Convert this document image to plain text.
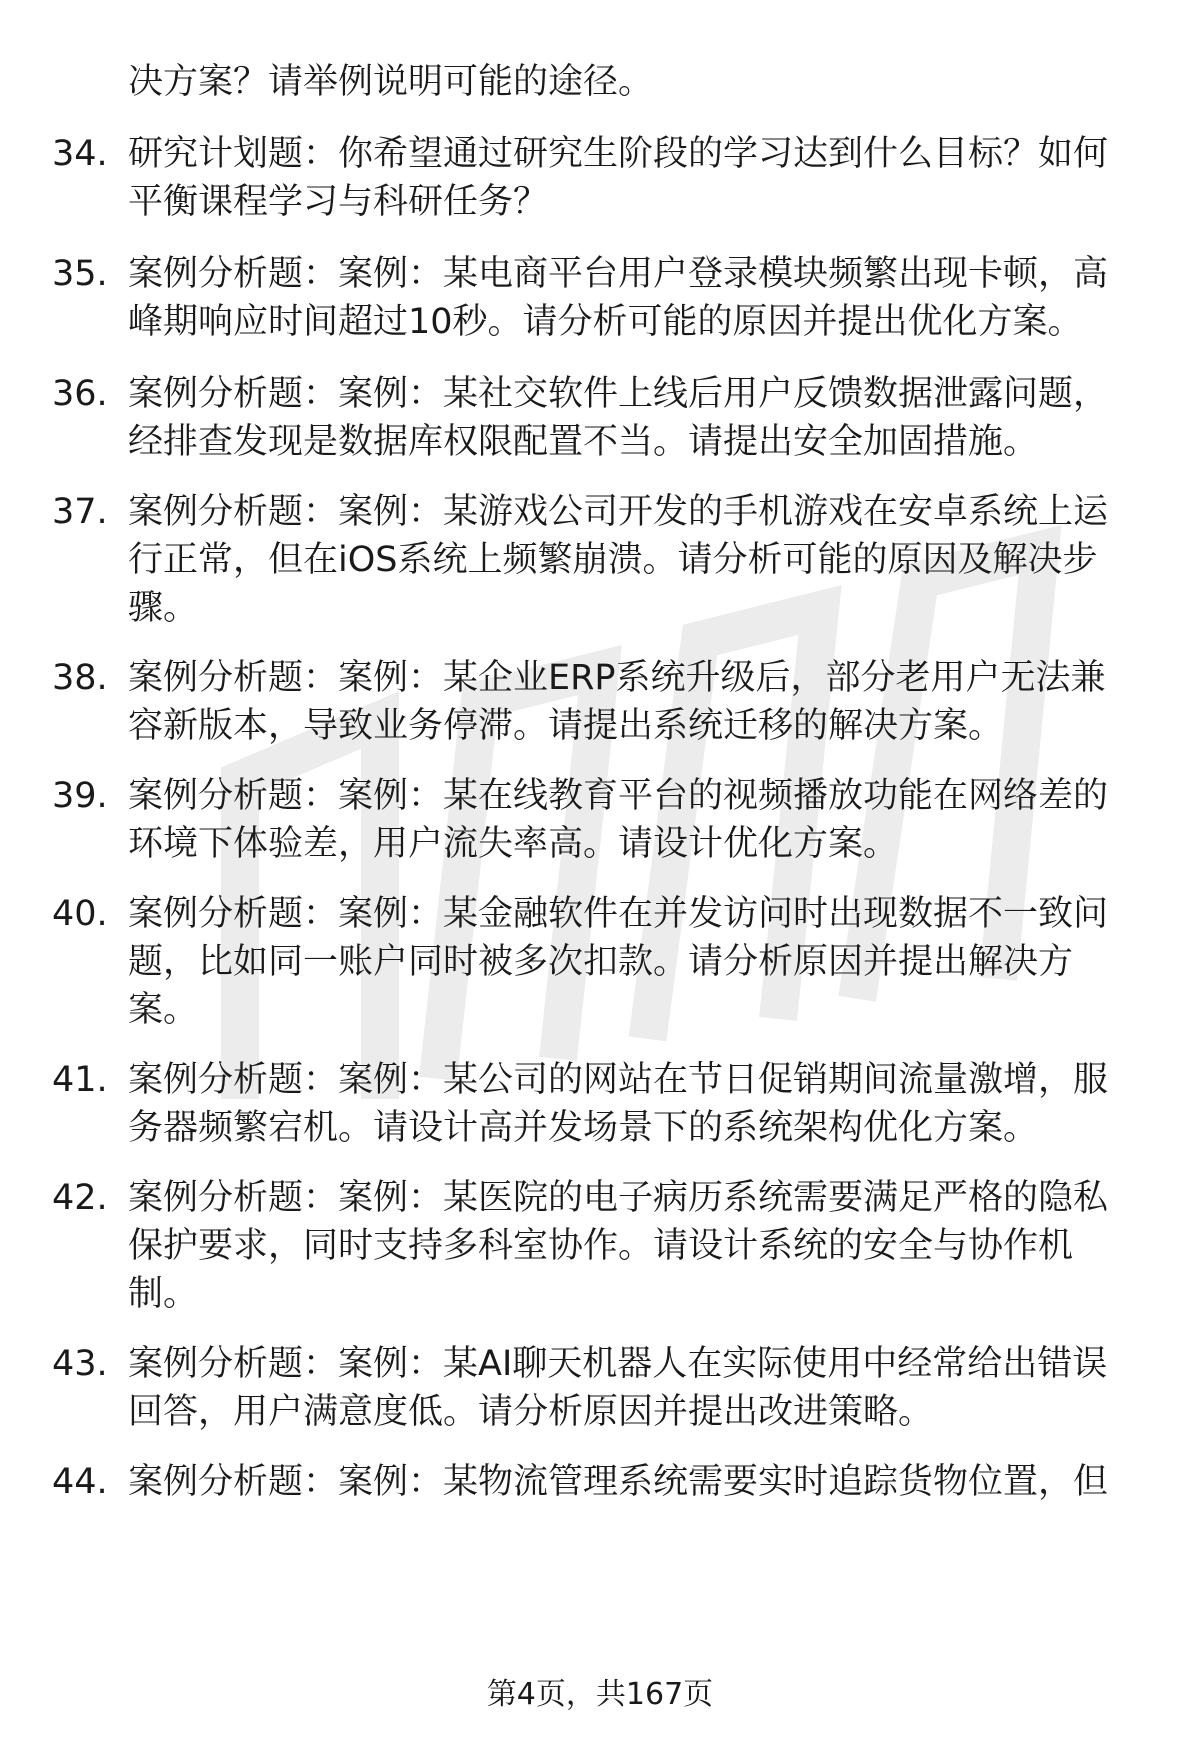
决方案？请举例说明可能的途径。
34. 研究计划题：你希望通过研究生阶段的学习达到什么目标？如何
平衡课程学习与科研任务？
35. 案例分析题：案例：某电商平台用户登录模块频繁出现卡顿，高
峰期响应时间超过10秒。请分析可能的原因并提出优化方案。
36. 案例分析题：案例：某社交软件上线后用户反馈数据泄露问题，
经排查发现是数据库权限配置不当。请提出安全加固措施。
37. 案例分析题：案例：某游戏公司开发的手机游戏在安卓系统上运
行正常，但在iOS系统上频繁崩溃。请分析可能的原因及解决步
骤。
38. 案例分析题：案例：某企业ERP系统升级后，部分老用户无法兼
容新版本，导致业务停滞。请提出系统迁移的解决方案。
39. 案例分析题：案例：某在线教育平台的视频播放功能在网络差的
环境下体验差，用户流失率高。请设计优化方案。
40. 案例分析题：案例：某金融软件在并发访问时出现数据不一致问
题，比如同一账户同时被多次扣款。请分析原因并提出解决方
案。
41. 案例分析题：案例：某公司的网站在节日促销期间流量激增，服
务器频繁宕机。请设计高并发场景下的系统架构优化方案。
42. 案例分析题：案例：某医院的电子病历系统需要满足严格的隐私
保护要求，同时支持多科室协作。请设计系统的安全与协作机
制。
43. 案例分析题：案例：某AI聊天机器人在实际使用中经常给出错误
回答，用户满意度低。请分析原因并提出改进策略。
44. 案例分析题：案例：某物流管理系统需要实时追踪货物位置，但
第4页，共167页
